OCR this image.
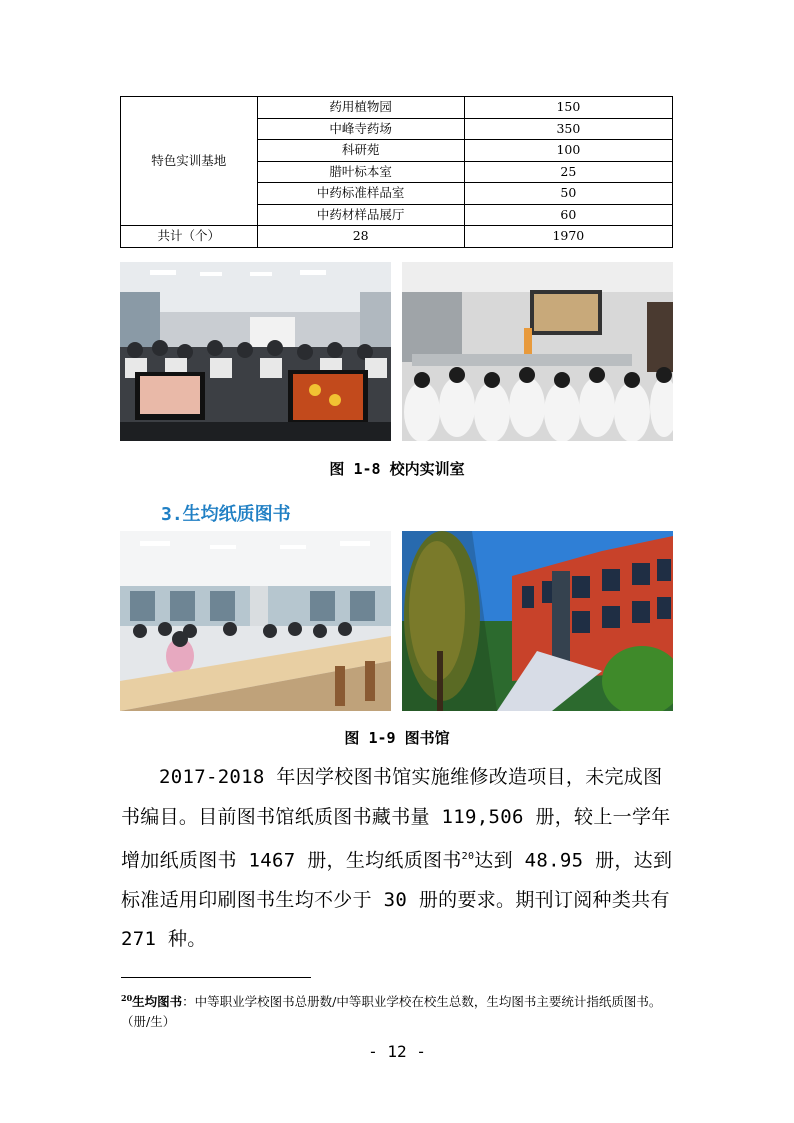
特色实训基地	药用植物园	150
	中峰寺药场	350
	科研苑	100
	腊叶标本室	25
	中药标准样品室	50
	中药材样品展厅	60
共计（个）	28	1970
图 1-8 校内实训室
3.生均纸质图书
图 1-9 图书馆

2017-2018 年因学校图书馆实施维修改造项目，未完成图书编目。目前图书馆纸质图书藏书量 119,506 册，较上一学年增加纸质图书 1467 册，生均纸质图书$^{20}$达到 48.95 册，达到标准适用印刷图书生均不少于 30 册的要求。期刊订阅种类共有 271 种。

$^{20}$生均图书：中等职业学校图书总册数/中等职业学校在校生总数，生均图书主要统计指纸质图书。（册/生）
- 12 -
